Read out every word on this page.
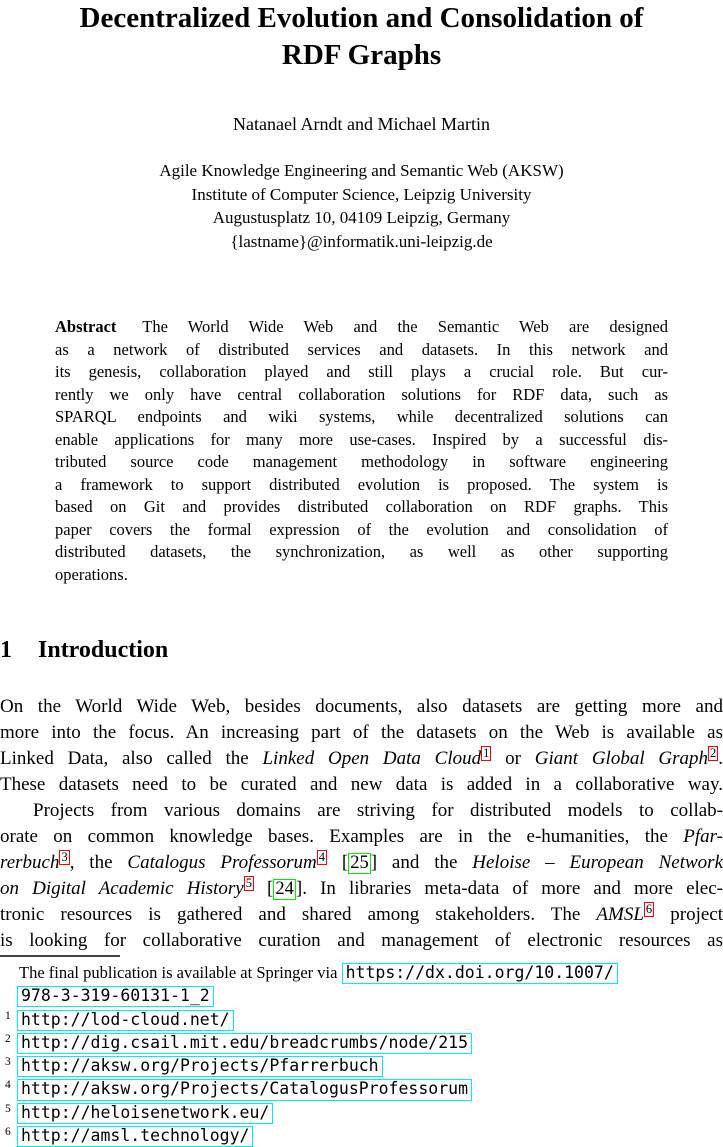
Decentralized Evolution and Consolidation of
RDF Graphs
Natanael Arndt and Michael Martin
Agile Knowledge Engineering and Semantic Web (AKSW)
Institute of Computer Science, Leipzig University
Augustusplatz 10, 04109 Leipzig, Germany
{lastname}@informatik.uni-leipzig.de
Abstract The World Wide Web and the Semantic Web are designed
as a network of distributed services and datasets. In this network and
its genesis, collaboration played and still plays a crucial role. But cur-
rently we only have central collaboration solutions for RDF data, such as
SPARQL endpoints and wiki systems, while decentralized solutions can
enable applications for many more use-cases. Inspired by a successful dis-
tributed source code management methodology in software engineering
a framework to support distributed evolution is proposed. The system is
based on Git and provides distributed collaboration on RDF graphs. This
paper covers the formal expression of the evolution and consolidation of
distributed datasets, the synchronization, as well as other supporting
operations.
1 Introduction
On the World Wide Web, besides documents, also datasets are getting more and
more into the focus. An increasing part of the datasets on the Web is available as
Linked Data, also called the Linked Open Data Cloud 1 or Giant Global Graph 2 .
These datasets need to be curated and new data is added in a collaborative way.
Projects from various domains are striving for distributed models to collab-
orate on common knowledge bases. Examples are in the e-humanities, the Pfar-
rerbuch 3 , the Catalogus Professorum 4 [ 25 ] and the Heloise – European Network
on Digital Academic History 5 [ 24 ]. In libraries meta-data of more and more elec-
tronic resources is gathered and shared among stakeholders. The AMSL 6 project
is looking for collaborative curation and management of electronic resources as
The final publication is available at Springer via https://dx.doi.org/10.1007/
978-3-319-60131-1_2
1 http://lod-cloud.net/
2 http://dig.csail.mit.edu/breadcrumbs/node/215
3 http://aksw.org/Projects/Pfarrerbuch
4 http://aksw.org/Projects/CatalogusProfessorum
5 http://heloisenetwork.eu/
6 http://amsl.technology/
